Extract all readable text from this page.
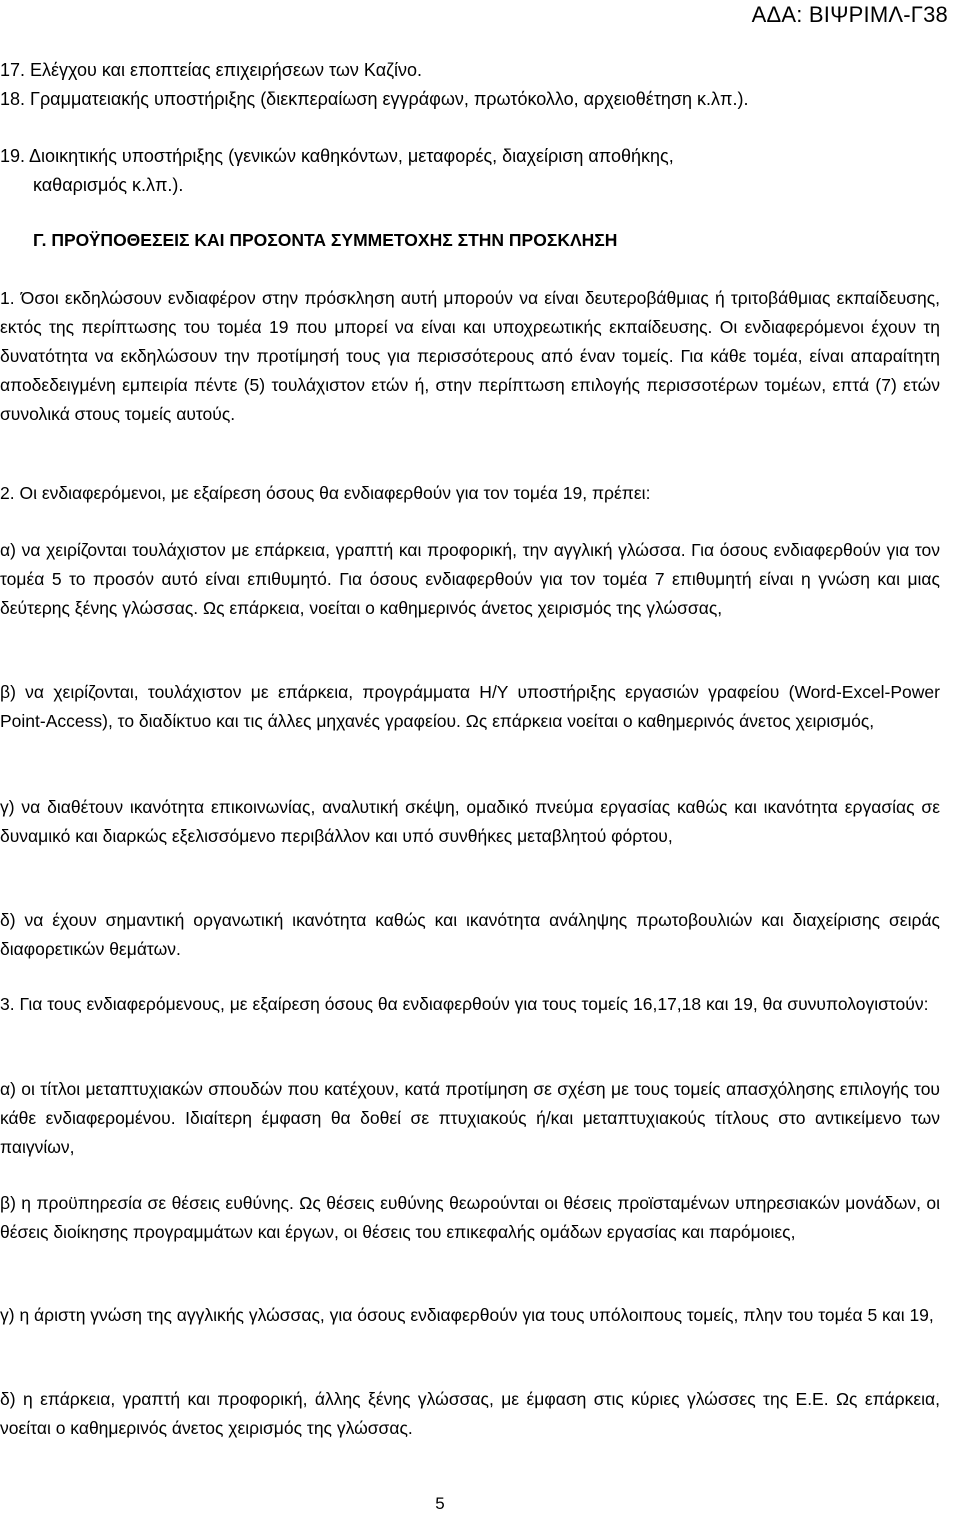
ΑΔΑ: ΒΙΨΡΙΜΛ-Γ38
17. Ελέγχου και εποπτείας επιχειρήσεων των Καζίνο.
18. Γραμματειακής υποστήριξης (διεκπεραίωση εγγράφων, πρωτόκολλο, αρχειοθέτηση κ.λπ.).
19. Διοικητικής υποστήριξης (γενικών καθηκόντων, μεταφορές, διαχείριση αποθήκης,
καθαρισμός κ.λπ.).
Γ. ΠΡΟΫΠΟΘΕΣΕΙΣ ΚΑΙ ΠΡΟΣΟΝΤΑ ΣΥΜΜΕΤΟΧΗΣ ΣΤΗΝ ΠΡΟΣΚΛΗΣΗ
1. Όσοι εκδηλώσουν ενδιαφέρον στην πρόσκληση αυτή μπορούν να είναι δευτεροβάθμιας ή τριτοβάθμιας εκπαίδευσης, εκτός της περίπτωσης του τομέα 19 που μπορεί να είναι και υποχρεωτικής εκπαίδευσης. Οι ενδιαφερόμενοι έχουν τη δυνατότητα να εκδηλώσουν την προτίμησή τους για περισσότερους από έναν τομείς. Για κάθε τομέα, είναι απαραίτητη αποδεδειγμένη εμπειρία πέντε (5) τουλάχιστον ετών ή, στην περίπτωση επιλογής περισσοτέρων τομέων, επτά (7) ετών συνολικά στους τομείς αυτούς.
2. Οι ενδιαφερόμενοι, με εξαίρεση όσους θα ενδιαφερθούν για τον τομέα 19, πρέπει:
α) να χειρίζονται τουλάχιστον με επάρκεια, γραπτή και προφορική, την αγγλική γλώσσα. Για όσους ενδιαφερθούν για τον τομέα 5 το προσόν αυτό είναι επιθυμητό. Για όσους ενδιαφερθούν για τον τομέα 7 επιθυμητή είναι η γνώση και μιας δεύτερης ξένης γλώσσας. Ως επάρκεια, νοείται ο καθημερινός άνετος χειρισμός της γλώσσας,
β) να χειρίζονται, τουλάχιστον με επάρκεια, προγράμματα Η/Υ υποστήριξης εργασιών γραφείου (Word-Excel-Power Point-Access), το διαδίκτυο και τις άλλες μηχανές γραφείου. Ως επάρκεια νοείται ο καθημερινός άνετος χειρισμός,
γ) να διαθέτουν ικανότητα επικοινωνίας, αναλυτική σκέψη, ομαδικό πνεύμα εργασίας καθώς και ικανότητα εργασίας σε δυναμικό και διαρκώς εξελισσόμενο περιβάλλον και υπό συνθήκες μεταβλητού φόρτου,
δ) να έχουν σημαντική οργανωτική ικανότητα καθώς και ικανότητα ανάληψης πρωτοβουλιών και διαχείρισης σειράς διαφορετικών θεμάτων.
3. Για τους ενδιαφερόμενους, με εξαίρεση όσους θα ενδιαφερθούν για τους τομείς 16,17,18 και 19, θα συνυπολογιστούν:
α) οι τίτλοι μεταπτυχιακών σπουδών που κατέχουν, κατά προτίμηση σε σχέση με τους τομείς απασχόλησης επιλογής του κάθε ενδιαφερομένου. Ιδιαίτερη έμφαση θα δοθεί σε πτυχιακούς ή/και μεταπτυχιακούς τίτλους στο αντικείμενο των παιγνίων,
β) η προϋπηρεσία σε θέσεις ευθύνης. Ως θέσεις ευθύνης θεωρούνται οι θέσεις προϊσταμένων υπηρεσιακών μονάδων, οι θέσεις διοίκησης προγραμμάτων και έργων, οι θέσεις του επικεφαλής ομάδων εργασίας και παρόμοιες,
γ) η άριστη γνώση της αγγλικής γλώσσας, για όσους ενδιαφερθούν για τους υπόλοιπους τομείς, πλην του τομέα 5 και 19,
δ) η επάρκεια, γραπτή και προφορική, άλλης ξένης γλώσσας, με έμφαση στις κύριες γλώσσες της Ε.Ε. Ως επάρκεια, νοείται ο καθημερινός άνετος χειρισμός της γλώσσας.
5
